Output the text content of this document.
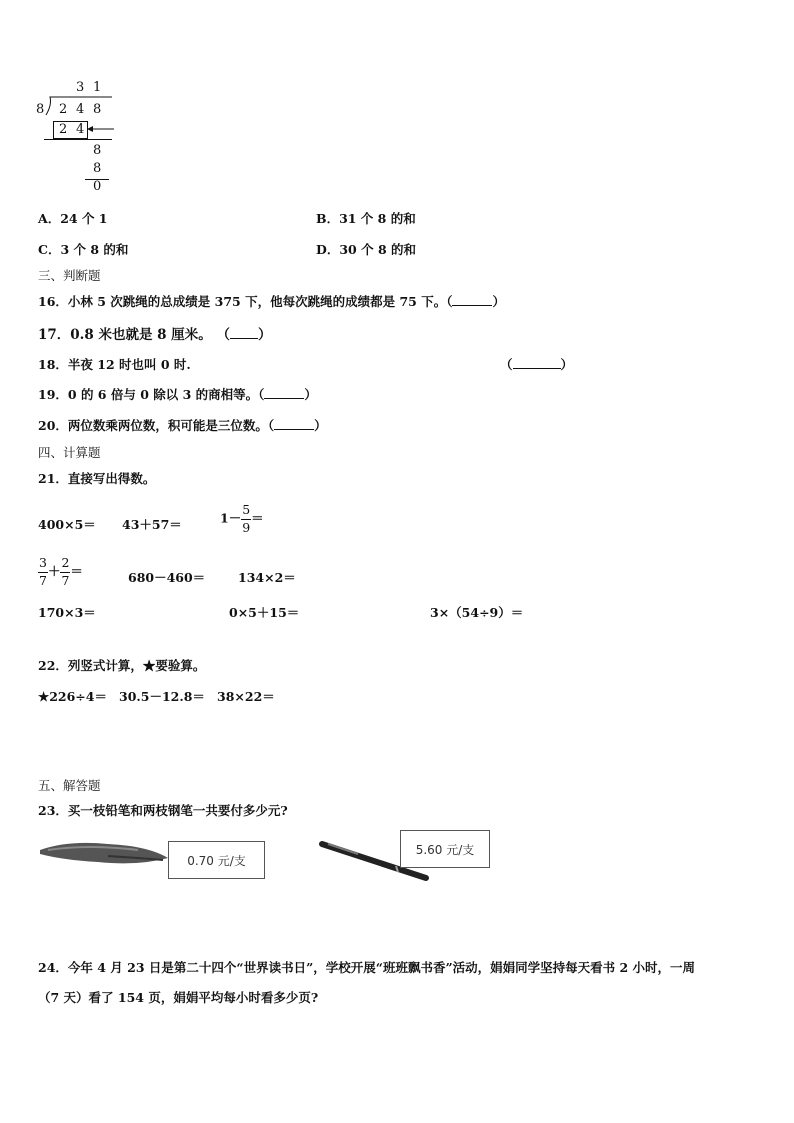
3 1
8 2 4 8
2 4
8
8
0
A．24 个 1	B．31 个 8 的和
C．3 个 8 的和	D．30 个 8 的和
三、判断题
16．小林 5 次跳绳的总成绩是 375 下，他每次跳绳的成绩都是 75 下。（	）
17．0.8 米也就是 8 厘米。 （ ）
18．半夜 12 时也叫 0 时.	（	）
19．0 的 6 倍与 0 除以 3 的商相等。（	）
20．两位数乘两位数，积可能是三位数。（	）
四、计算题
21．直接写出得数。
400×5＝ 43＋57＝	$1- \frac{5}{9}$ ＝
$\frac{3}{7} + \frac{2}{7}$ ＝	680－460＝	134×2＝
170×3＝	0×5＋15＝	3×（54÷9）＝
22．列竖式计算，★要验算。
★226÷4＝ 30.5－12.8＝ 38×22＝
五、解答题
23．买一枝铅笔和两枝钢笔一共要付多少元?
0.70 元/支
5.60 元/支
24．今年 4 月 23 日是第二十四个“世界读书日”，学校开展“班班飘书香”活动，娟娟同学坚持每天看书 2 小时，一周
（7 天）看了 154 页，娟娟平均每小时看多少页?
